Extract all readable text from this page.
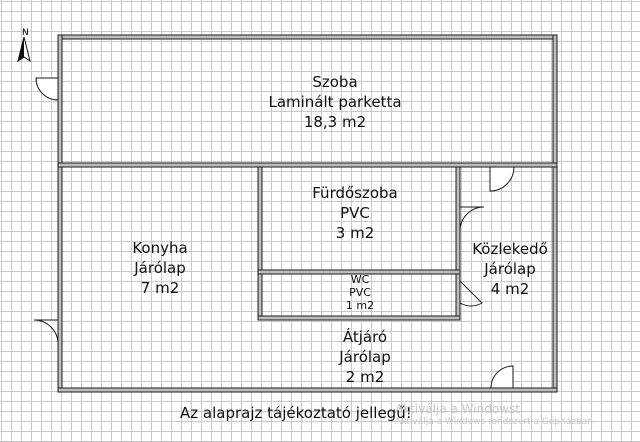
N
Szoba
Laminált parketta
18,3 m2
Fürdőszoba
PVC
3 m2
Konyha
Járólap
7 m2
Közlekedő
Járólap
4 m2
WC
PVC
1 m2
Átjáró
Járólap
2 m2
Az alaprajz tájékoztató jellegű!
Aktiválja a Windowst
Aktiválja a Windows rendszert a Gépházban
